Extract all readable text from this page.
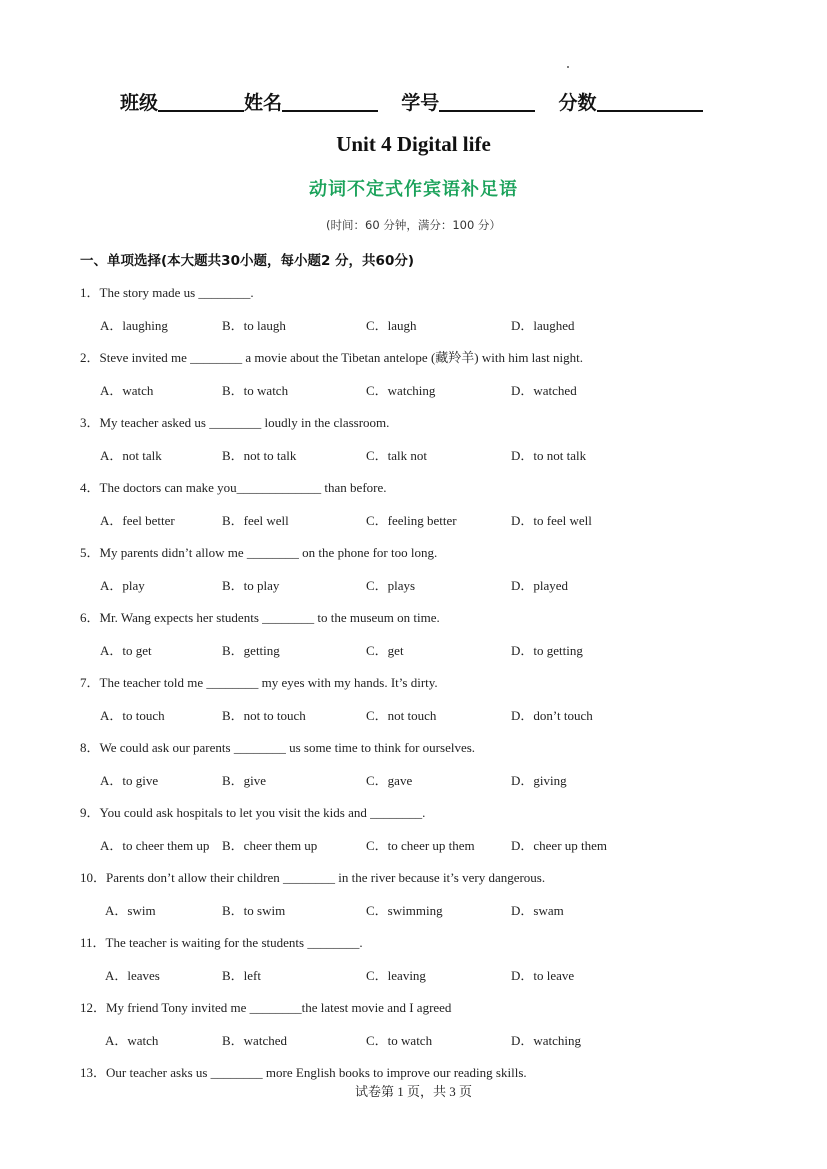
班级	姓名	学号	分数
Unit 4 Digital life
动词不定式作宾语补足语
(时间：60 分钟，满分：100 分）
一、单项选择(本大题共30小题，每小题2 分，共60分)
1．The story made us ________.
A．laughing	B．to laugh	C．laugh	D．laughed
2．Steve invited me ________ a movie about the Tibetan antelope (藏羚羊) with him last night.
A．watch	B．to watch	C．watching	D．watched
3．My teacher asked us ________ loudly in the classroom.
A．not talk	B．not to talk	C．talk not	D．to not talk
4．The doctors can make you_____________ than before.
A．feel better	B．feel well	C．feeling better	D．to feel well
5．My parents didn’t allow me ________ on the phone for too long.
A．play	B．to play	C．plays	D．played
6．Mr. Wang expects her students ________ to the museum on time.
A．to get	B．getting	C．get	D．to getting
7．The teacher told me ________ my eyes with my hands. It’s dirty.
A．to touch	B．not to touch	C．not touch	D．don’t touch
8．We could ask our parents ________ us some time to think for ourselves.
A．to give	B．give	C．gave	D．giving
9．You could ask hospitals to let you visit the kids and ________.
A．to cheer them up B．cheer them up	C．to cheer up them	D．cheer up them
10．Parents don’t allow their children ________ in the river because it’s very dangerous.
A．swim	B．to swim	C．swimming	D．swam
11．The teacher is waiting for the students ________.
A．leaves	B．left	C．leaving	D．to leave
12．My friend Tony invited me ________the latest movie and I agreed
A．watch	B．watched	C．to watch	D．watching
13．Our teacher asks us ________ more English books to improve our reading skills.
试卷第 1 页，共 3 页
